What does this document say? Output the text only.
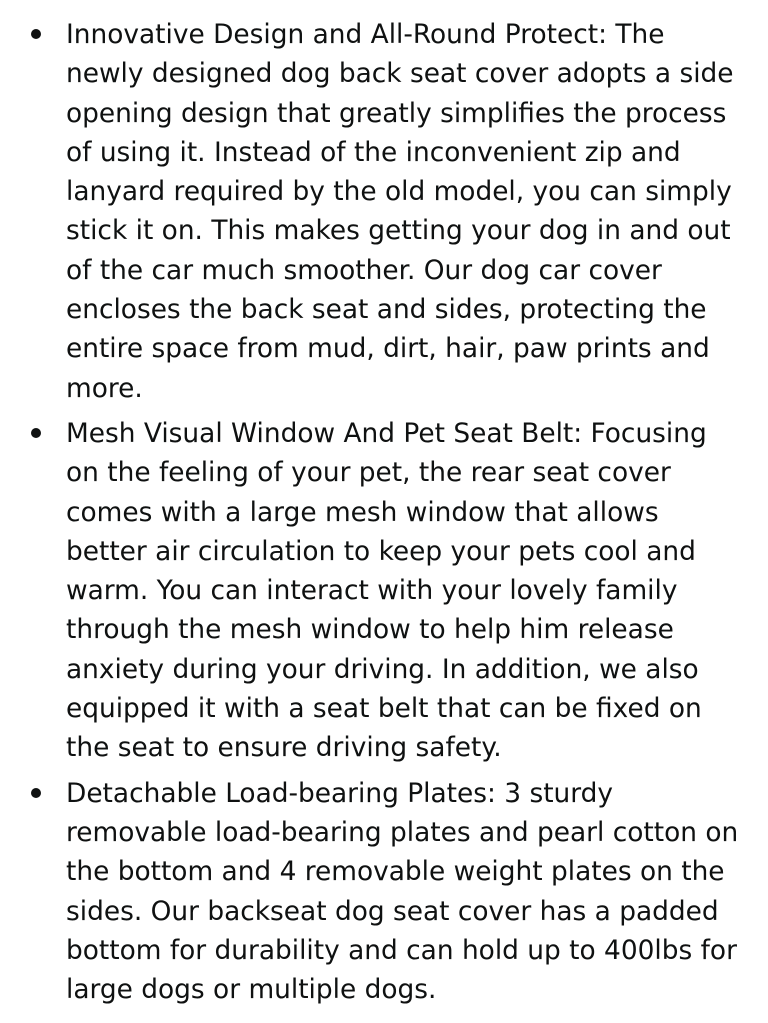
Innovative Design and All-Round Protect: The newly designed dog back seat cover adopts a side opening design that greatly simplifies the process of using it. Instead of the inconvenient zip and lanyard required by the old model, you can simply stick it on. This makes getting your dog in and out of the car much smoother. Our dog car cover encloses the back seat and sides, protecting the entire space from mud, dirt, hair, paw prints and more.
Mesh Visual Window And Pet Seat Belt: Focusing on the feeling of your pet, the rear seat cover comes with a large mesh window that allows better air circulation to keep your pets cool and warm. You can interact with your lovely family through the mesh window to help him release anxiety during your driving. In addition, we also equipped it with a seat belt that can be fixed on the seat to ensure driving safety.
Detachable Load-bearing Plates: 3 sturdy removable load-bearing plates and pearl cotton on the bottom and 4 removable weight plates on the sides. Our backseat dog seat cover has a padded bottom for durability and can hold up to 400lbs for large dogs or multiple dogs.
